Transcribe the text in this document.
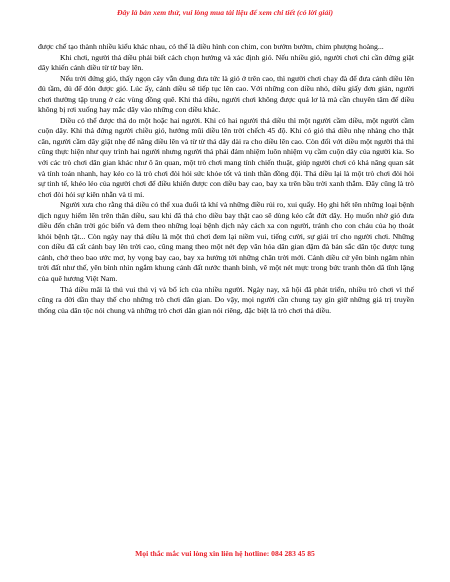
Đây là bản xem thử, vui lòng mua tài liệu để xem chi tiết (có lời giải)

được chế tạo thành nhiều kiểu khác nhau, có thể là diều hình con chim, con bướm bướm, chim phượng hoàng...

Khi chơi, người thả diều phải biết cách chọn hướng và xác định gió. Nếu nhiều gió, người chơi chỉ cần đứng giật dây khiến cánh diều từ từ bay lên.

Nếu trời đứng gió, thấy ngọn cây vẫn đung đưa tức là gió ở trên cao, thì người chơi chạy đà để đưa cánh diều lên đủ tầm, đủ để đón được gió. Lúc ấy, cánh diều sẽ tiếp tục lên cao. Với những con diều nhỏ, diều giấy đơn giản, người chơi thường tập trung ở các vùng đồng quê. Khi thả diều, người chơi không được quá lơ là mà cần chuyên tâm để diều không bị rơi xuống hay mắc dây vào những con diều khác.

Diều có thể được thả do một hoặc hai người. Khi có hai người thả diều thì một người cầm diều, một người cầm cuộn dây. Khi thả đứng người chiều gió, hướng mũi diều lên trời chếch 45 độ. Khi có gió thả diều nhẹ nhàng cho thật cân, người cầm dây giật nhẹ để nâng diều lên và từ từ thả dây dài ra cho diều lên cao. Còn đối với diều một người thả thì cũng thực hiện như quy trình hai người nhưng người thả phải đảm nhiệm luôn nhiệm vụ cầm cuộn dây của người kia. So với các trò chơi dân gian khác như ô ăn quan, một trò chơi mang tính chiến thuật, giúp người chơi có khả năng quan sát và tính toán nhanh, hay kéo co là trò chơi đòi hỏi sức khỏe tốt và tinh thần đồng đội. Thả diều lại là một trò chơi đòi hỏi sự tinh tế, khéo léo của người chơi để điều khiển được con diều bay cao, bay xa trên bầu trời xanh thẳm. Đây cũng là trò chơi đòi hỏi sự kiên nhẫn và tỉ mỉ.

Người xưa cho rằng thả diều có thể xua đuổi tà khí và những điều rủi ro, xui quẩy. Họ ghi hết tên những loại bệnh dịch nguy hiểm lên trên thân diều, sau khi đã thả cho diều bay thật cao sẽ dùng kéo cắt đứt dây. Họ muốn nhờ gió đưa diều đến chân trời góc biển và đem theo những loại bệnh dịch này cách xa con người, tránh cho con cháu của họ thoát khỏi bệnh tật... Còn ngày nay thả diều là một thú chơi đem lại niềm vui, tiếng cười, sự giải trí cho người chơi. Những con diều đã cất cánh bay lên trời cao, cũng mang theo một nét đẹp văn hóa dân gian đậm đà bản sắc dân tộc được tung cánh, chở theo bao ước mơ, hy vọng bay cao, bay xa hướng tới những chân trời mới. Cánh diều cứ yên bình ngâm nhìn trời đất như thế, yên bình nhìn ngắm khung cảnh đất nước thanh bình, vẽ một nét mực trong bức tranh thôn dã tĩnh lặng của quê hương Việt Nam.

Thả diều mãi là thú vui thú vị và bổ ích của nhiều người. Ngày nay, xã hội đã phát triển, nhiều trò chơi vì thế cũng ra đời dần thay thế cho những trò chơi dân gian. Do vậy, mọi người cần chung tay gìn giữ những giá trị truyền thống của dân tộc nói chung và những trò chơi dân gian nói riêng, đặc biệt là trò chơi thả diều.

Mọi thắc mắc vui lòng xin liên hệ hotline: 084 283 45 85
